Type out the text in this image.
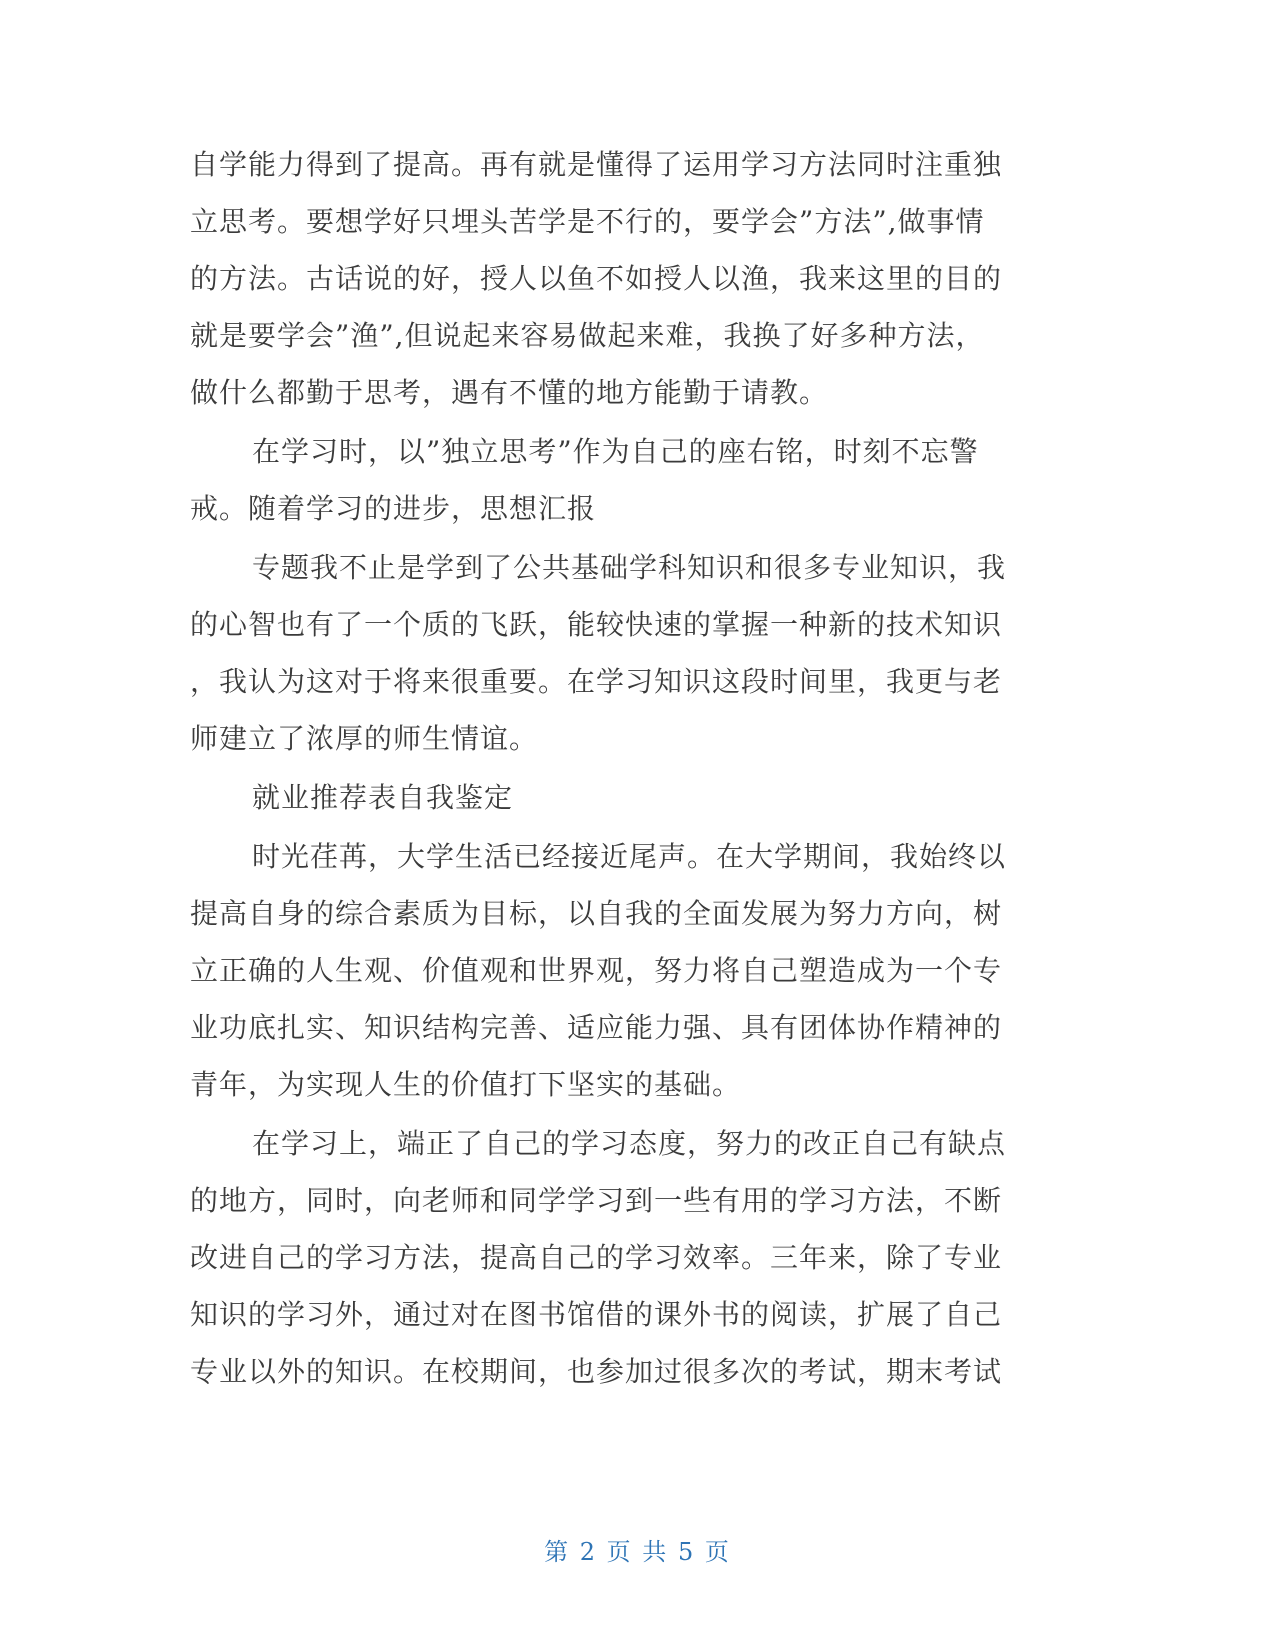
自学能力得到了提高。再有就是懂得了运用学习方法同时注重独
立思考。要想学好只埋头苦学是不行的，要学会”方法”,做事情
的方法。古话说的好，授人以鱼不如授人以渔，我来这里的目的
就是要学会”渔”,但说起来容易做起来难，我换了好多种方法，
做什么都勤于思考，遇有不懂的地方能勤于请教。
在学习时，以”独立思考”作为自己的座右铭，时刻不忘警
戒。随着学习的进步，思想汇报
专题我不止是学到了公共基础学科知识和很多专业知识，我
的心智也有了一个质的飞跃，能较快速的掌握一种新的技术知识
，我认为这对于将来很重要。在学习知识这段时间里，我更与老
师建立了浓厚的师生情谊。
就业推荐表自我鉴定
时光荏苒，大学生活已经接近尾声。在大学期间，我始终以
提高自身的综合素质为目标，以自我的全面发展为努力方向，树
立正确的人生观、价值观和世界观，努力将自己塑造成为一个专
业功底扎实、知识结构完善、适应能力强、具有团体协作精神的
青年，为实现人生的价值打下坚实的基础。
在学习上，端正了自己的学习态度，努力的改正自己有缺点
的地方，同时，向老师和同学学习到一些有用的学习方法，不断
改进自己的学习方法，提高自己的学习效率。三年来，除了专业
知识的学习外，通过对在图书馆借的课外书的阅读，扩展了自己
专业以外的知识。在校期间，也参加过很多次的考试，期末考试
第 2 页 共 5 页
